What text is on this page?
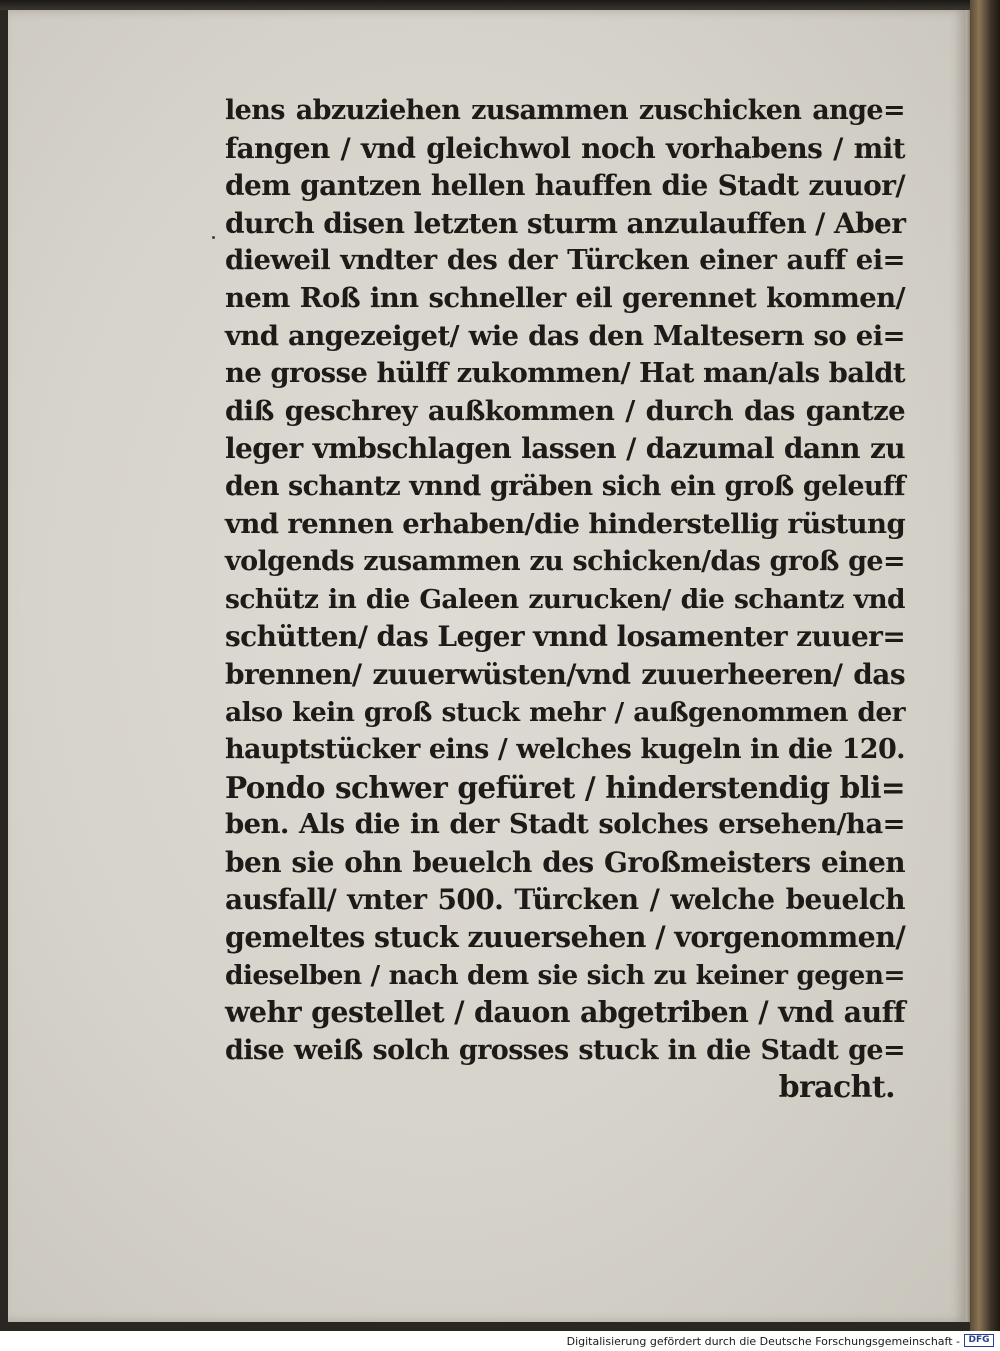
lens abzuziehen zusammen zuschicken ange=
fangen / vnd gleichwol noch vorhabens / mit
dem gantzen hellen hauffen die Stadt zuuor/
durch disen letzten sturm anzulauffen / Aber
dieweil vndter des der Türcken einer auff ei=
nem Roß inn schneller eil gerennet kommen/
vnd angezeiget/ wie das den Maltesern so ei=
ne grosse hülff zukommen/ Hat man/als baldt
diß geschrey außkommen / durch das gantze
leger vmbschlagen lassen / dazumal dann zu
den schantz vnnd gräben sich ein groß geleuff
vnd rennen erhaben/die hinderstellig rüstung
volgends zusammen zu schicken/das groß ge=
schütz in die Galeen zurucken/ die schantz vnd
schütten/ das Leger vnnd losamenter zuuer=
brennen/ zuuerwüsten/vnd zuuerheeren/ das
also kein groß stuck mehr / außgenommen der
hauptstücker eins / welches kugeln in die 120.
Pondo schwer gefüret / hinderstendig bli=
ben. Als die in der Stadt solches ersehen/ha=
ben sie ohn beuelch des Großmeisters einen
ausfall/ vnter 500. Türcken / welche beuelch
gemeltes stuck zuuersehen / vorgenommen/
dieselben / nach dem sie sich zu keiner gegen=
wehr gestellet / dauon abgetriben / vnd auff
dise weiß solch grosses stuck in die Stadt ge=
bracht.
Digitalisierung gefördert durch die Deutsche Forschungsgemeinschaft - DFG
